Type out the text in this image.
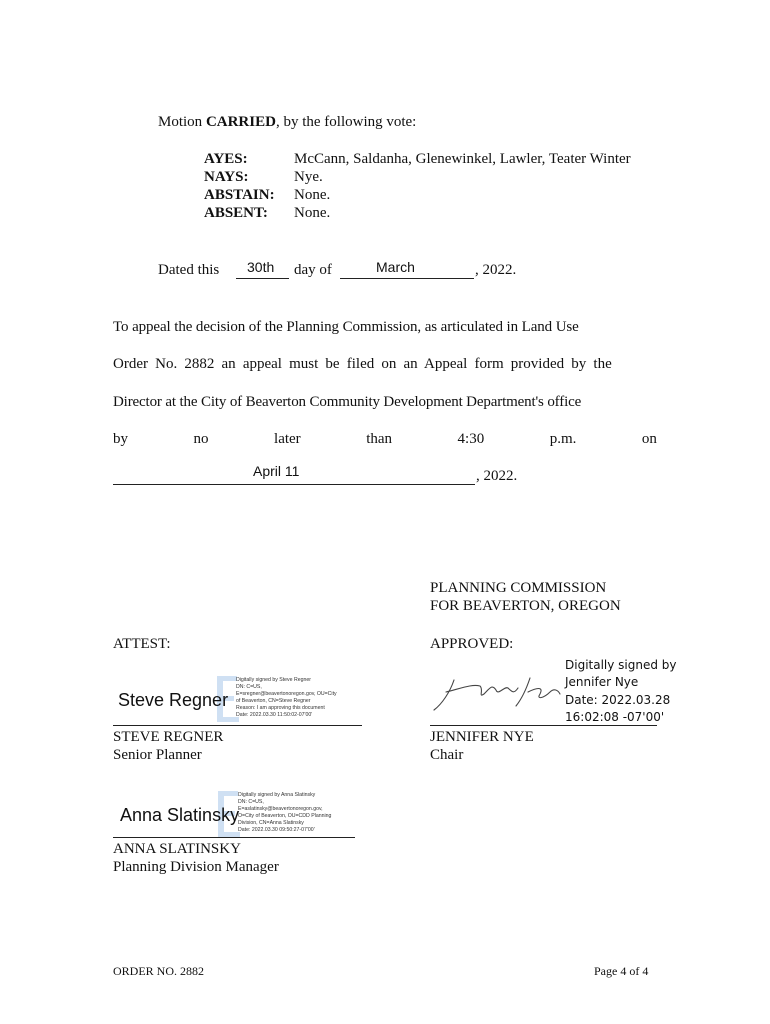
Motion CARRIED, by the following vote:
AYES:	McCann, Saldanha, Glenewinkel, Lawler, Teater Winter
NAYS:	Nye.
ABSTAIN: None.
ABSENT: None.
Dated this 30th day of	March	, 2022.
To appeal the decision of the Planning Commission, as articulated in Land Use
Order No. 2882 an appeal must be filed on an Appeal form provided by the
Director at the City of Beaverton Community Development Department's office
by	no	later	than	4:30	p.m.	on
April 11	, 2022.
PLANNING COMMISSION
FOR BEAVERTON, OREGON
ATTEST:	APPROVED:
Steve Regner
Digitally signed by Steve Regner
DN: C=US,
E=sregner@beavertonoregon.gov, OU=City
of Beaverton, CN=Steve Regner
Reason: I am approving this document
Date: 2022.03.30 11:50:02-07'00'
STEVE REGNER
Senior Planner
Digitally signed by
Jennifer Nye
Date: 2022.03.28
16:02:08 -07'00'
JENNIFER NYE
Chair
Anna Slatinsky
Digitally signed by Anna Slatinsky
DN: C=US,
E=aslatinsky@beavertonoregon.gov,
O=City of Beaverton, OU=CDD Planning
Division, CN=Anna Slatinsky
Date: 2022.03.30 09:50:27-07'00'
ANNA SLATINSKY
Planning Division Manager
ORDER NO. 2882	Page 4 of 4
